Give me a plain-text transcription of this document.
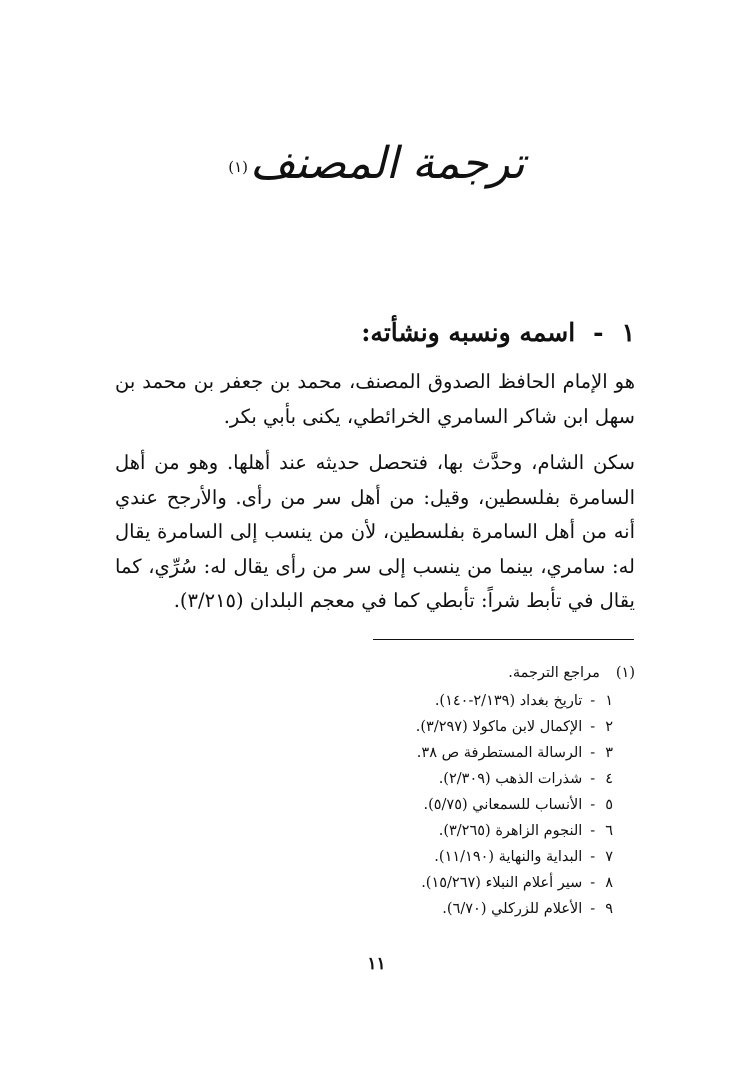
ترجمة المصنف(١)
١-اسمه ونسبه ونشأته:

هو الإمام الحافظ الصدوق المصنف، محمد بن جعفر بن محمد بن سهل ابن شاكر السامري الخرائطي، يكنى بأبي بكر.

سكن الشام، وحدَّث بها، فتحصل حديثه عند أهلها. وهو من أهل السامرة بفلسطين، وقيل: من أهل سر من رأى. والأرجح عندي أنه من أهل السامرة بفلسطين، لأن من ينسب إلى السامرة يقال له: سامري، بينما من ينسب إلى سر من رأى يقال له: سُرِّي، كما يقال في تأبط شراً: تأبطي كما في معجم البلدان (٣/٢١٥).

(١)مراجع الترجمة.
١-تاريخ بغداد (٢/١٣٩-١٤٠).
٢-الإكمال لابن ماكولا (٣/٢٩٧).
٣-الرسالة المستطرفة ص ٣٨.
٤-شذرات الذهب (٢/٣٠٩).
٥-الأنساب للسمعاني (٥/٧٥).
٦-النجوم الزاهرة (٣/٢٦٥).
٧-البداية والنهاية (١١/١٩٠).
٨-سير أعلام النبلاء (١٥/٢٦٧).
٩-الأعلام للزركلي (٦/٧٠).
١١
